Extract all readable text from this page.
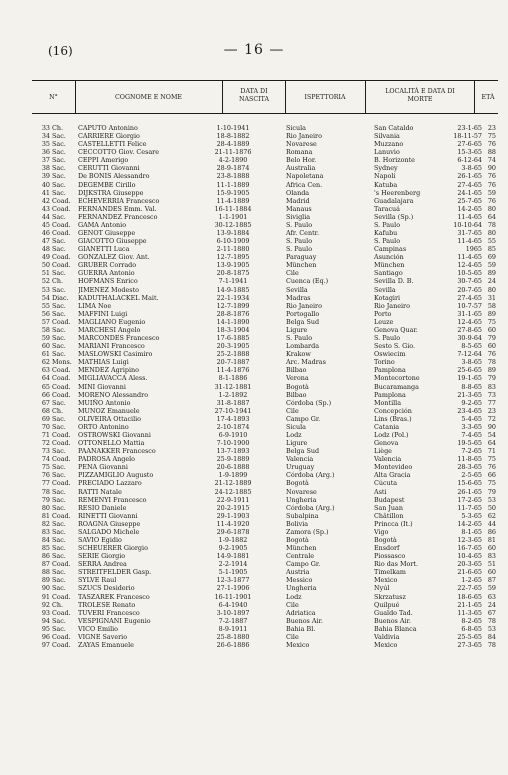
(16)	— 16 —
N°	COGNOME E NOME
DATA DI NASCITA	ISPETTORIA
LOCALITÀ E DATA DI MORTE	ETÀ
33 Ch.	CAPUTO Antonino	1-10-1941	Sicula	San Cataldo	23-1-65 23
34 Sac.	CARRIERE Giorgio	18-8-1882	Rio Janeiro	Silvania	18-11-57 75
35 Sac.	CASTELLETTI Felice	28-4-1889	Novarese	Muzzano	27-6-65 76
36 Sac.	CECCOTTO Giov. Cesare	21-11-1876	Romana	Lanuvio	15-3-65 88
37 Sac.	CEPPI Amerigo	4-2-1890	Belo Hor.	B. Horizonte	6-12-64 74
38 Sac.	CERUTTI Giovanni	28-9-1874	Australia	Sydney	3-8-65 90
39 Sac.	De BONIS Alessandro	23-8-1888	Napoletana	Napoli	26-1-65 76
40 Sac.	DEGEMBE Cirillo	11-1-1889	Africa Cen.	Katuba	27-4-65 76
41 Sac.	DIJKSTRA Giuseppe	15-9-1905	Olanda	's Heerenberg	24-1-65 59
42 Coad.	ECHEVERRIA Francesco	11-4-1889	Madrid	Guadalajara	25-7-65 76
43 Coad.	FERNANDES Emm. Val.	16-11-1884	Manaus	Taracuá	14-2-65 80
44 Sac.	FERNANDEZ Francesco	1-1-1901	Siviglia	Sevilla (Sp.)	11-4-65 64
45 Coad.	GAMA Antonio	30-12-1885	S. Paulo	S. Paulo	10-10-64 78
46 Coad.	GENOT Giuseppe	13-9-1884	Afr. Centr.	Kafubu	31-7-65 80
47 Sac.	GIACOTTO Giuseppe	6-10-1909	S. Paulo	S. Paulo	11-4-65 55
48 Sac.	GIANETTI Luca	2-11-1880	S. Paulo	Campinas	1965 85
49 Coad.	GONZALEZ Giov. Ant.	12-7-1895	Paraguay	Asunción	11-4-65 69
50 Coad.	GRUBER Corrado	13-9-1905	München	München	12-4-65 59
51 Sac.	GUERRA Antonio	20-8-1875	Cile	Santiago	10-5-65 89
52 Ch.	HOFMANS Enrico	7-1-1941	Cuenca (Eq.)	Sevilla D. B.	30-7-65 24
53 Sac.	JIMENEZ Modesto	14-9-1885	Sevilla	Sevilla	20-7-65 80
54 Diac.	KADUTHALACKEL Mait.	22-1-1934	Madras	Kotagiri	27-4-65 31
55 Sac.	LIMA Noe	12-7-1899	Rio Janeiro	Rio Janeiro	10-7-57 58
56 Sac.	MAFFINI Luigi	28-8-1876	Portogallo	Porto	31-1-65 89
57 Coad.	MAGLIANO Eugenio	14-1-1890	Belga Sud	Leuze	12-4-65 75
58 Sac.	MARCHESI Angelo	18-3-1904	Ligure	Genova Quar.	27-8-65 60
59 Sac.	MARCONDES Francesco	17-6-1885	S. Paulo	S. Paulo	30-9-64 79
60 Sac.	MARIANI Francesco	20-3-1905	Lombarda	Sesto S. Gio.	8-5-65 60
61 Sac.	MASLOWSKI Casimiro	25-2-1888	Krakow	Oswiecim	7-12-64 76
62 Mons. MATHIAS Luigi	20-7-1887	Arc. Madras	Torino	3-8-65 78
63 Coad.	MENDEZ Agripino	11-4-1876	Bilbao	Pamplona	25-6-65 89
64 Coad.	MIGLIAVACCA Aless.	8-1-1886	Verona	Montecortone	19-1-65 79
65 Coad.	MINI Giovanni	31-12-1881	Bogotà	Bucaramanga	8-8-65 83
66 Coad.	MORENO Alessandro	1-2-1892	Bilbao	Pamplona	21-3-65 73
67 Sac.	MUIÑO Antonio	31-8-1887	Córdoba (Sp.)	Montilla	9-2-65 77
68 Ch.	MUNOZ Emanuele	27-10-1941	Cile	Concepción	23-4-65 23
69 Sac.	OLIVEIRA Ottacilio	17-4-1893	Campo Gr.	Lins (Bras.)	5-4-65 72
70 Sac.	ORTO Antonino	2-10-1874	Sicula	Catania	3-3-65 90
71 Coad.	OSTROWSKI Giovanni	6-9-1910	Lodz	Lodz (Pol.)	7-4-65 54
72 Coad.	OTTONELLO Mattia	7-10-1900	Ligure	Genova	19-5-65 64
73 Sac.	PAANAKKER Francesco	13-7-1893	Belga Sud	Liège	7-2-65 71
74 Coad.	PADROSA Angelo	25-9-1889	Valencia	Valencia	11-8-65 75
75 Sac.	PENA Giovanni	20-6-1888	Uruguay	Montevideo	28-3-65 76
76 Sac.	PIZZAMIGLIO Augusto	1-9-1899	Córdoba (Arg.)	Alta Gracia	2-5-65 66
77 Coad.	PRECIADO Lazzaro	21-12-1889	Bogotà	Cúcuta	15-6-65 75
78 Sac.	RATTI Natale	24-12-1885	Novarese	Asti	26-1-65 79
79 Sac.	REMENYI Francesco	22-9-1911	Ungheria	Budapest	17-2-65 53
80 Sac.	RESIO Daniele	20-2-1915	Córdoba (Arg.)	San Juan	11-7-65 50
81 Coad.	RINETTI Giovanni	29-1-1903	Subalpina	Châtillon	5-3-65 62
82 Sac.	ROAGNA Giuseppe	11-4-1920	Bolivia	Princca (It.)	14-2-65 44
83 Sac.	SALGADO Michele	29-6-1878	Zamora (Sp.)	Vigo	8-1-65 86
84 Sac.	SAVIO Egidio	1-9-1882	Bogotà	Bogotà	12-3-65 81
85 Sac.	SCHEUERER Giorgio	9-2-1905	München	Ensdorf	16-7-65 60
86 Sac.	SERIE Giorgio	14-9-1881	Centrale	Piossasco	10-4-65 83
87 Coad.	SERRA Andrea	2-2-1914	Campo Gr.	Rio das Mort.	20-3-65 51
88 Sac.	STREITFELDER Gasp.	5-1-1905	Austria	Timelkam	21-6-65 60
89 Sac.	SYLVE Raul	12-3-1877	Messico	Mexico	1-2-65 87
90 Sac.	SZUCS Desiderio	27-1-1906	Ungheria	Nyúl	22-7-65 59
91 Coad.	TASZAREK Francesco	16-11-1901	Lodz	Skrzatusz	18-6-65 63
92 Ch.	TROLESE Renato	6-4-1940	Cile	Quilpué	21-1-65 24
93 Coad.	TUVERI Francesco	3-10-1897	Adriatica	Gualdo Tad.	11-3-65 67
94 Sac.	VESPIGNANI Eugenio	7-2-1887	Buenos Air.	Buenos Air.	8-2-65 78
95 Sac.	VICO Emilio	8-9-1911	Bahia Bl.	Bahia Blanca	6-8-65 53
96 Coad.	VIGNE Saverio	25-8-1880	Cile	Valdivia	25-5-65 84
97 Coad.	ZAYAS Emanuele	26-6-1886	Mexico	Mexico	27-3-65 78
